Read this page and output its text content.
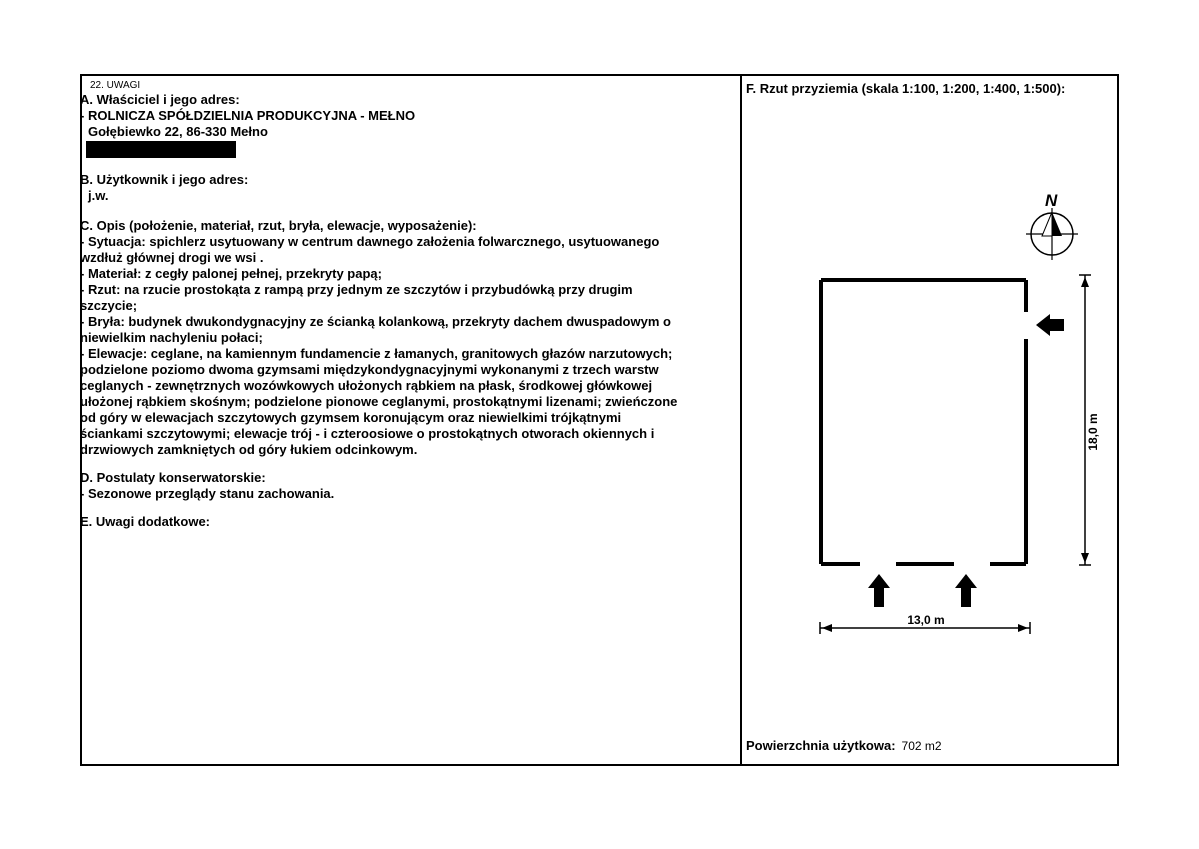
22. UWAGI
A. Właściciel i jego adres:
- ROLNICZA SPÓŁDZIELNIA PRODUKCYJNA - MEŁNO
Gołębiewko 22, 86-330 Mełno
B. Użytkownik i jego adres:
j.w.
C. Opis (położenie, materiał, rzut, bryła, elewacje, wyposażenie):
- Sytuacja: spichlerz usytuowany w centrum dawnego założenia folwarcznego, usytuowanego
wzdłuż głównej drogi we wsi .
- Materiał: z cegły palonej pełnej, przekryty papą;
- Rzut: na rzucie prostokąta z rampą przy jednym ze szczytów i przybudówką przy drugim
szczycie;
- Bryła: budynek dwukondygnacyjny ze ścianką kolankową, przekryty dachem dwuspadowym o
niewielkim nachyleniu połaci;
- Elewacje: ceglane, na kamiennym fundamencie z łamanych, granitowych głazów narzutowych;
podzielone poziomo dwoma gzymsami międzykondygnacyjnymi wykonanymi z trzech warstw
ceglanych - zewnętrznych wozówkowych ułożonych rąbkiem na płask, środkowej główkowej
ułożonej rąbkiem skośnym; podzielone pionowe ceglanymi, prostokątnymi lizenami; zwieńczone
od góry w elewacjach szczytowych gzymsem koronującym oraz niewielkimi trójkątnymi
ściankami szczytowymi; elewacje trój - i czteroosiowe o prostokątnych otworach okiennych i
drzwiowych zamkniętych od góry łukiem odcinkowym.
D. Postulaty konserwatorskie:
- Sezonowe przeglądy stanu zachowania.
E. Uwagi dodatkowe:
F. Rzut przyziemia (skala 1:100, 1:200, 1:400, 1:500):
N
18,0 m
13,0 m
Powierzchnia użytkowa: 702 m2
